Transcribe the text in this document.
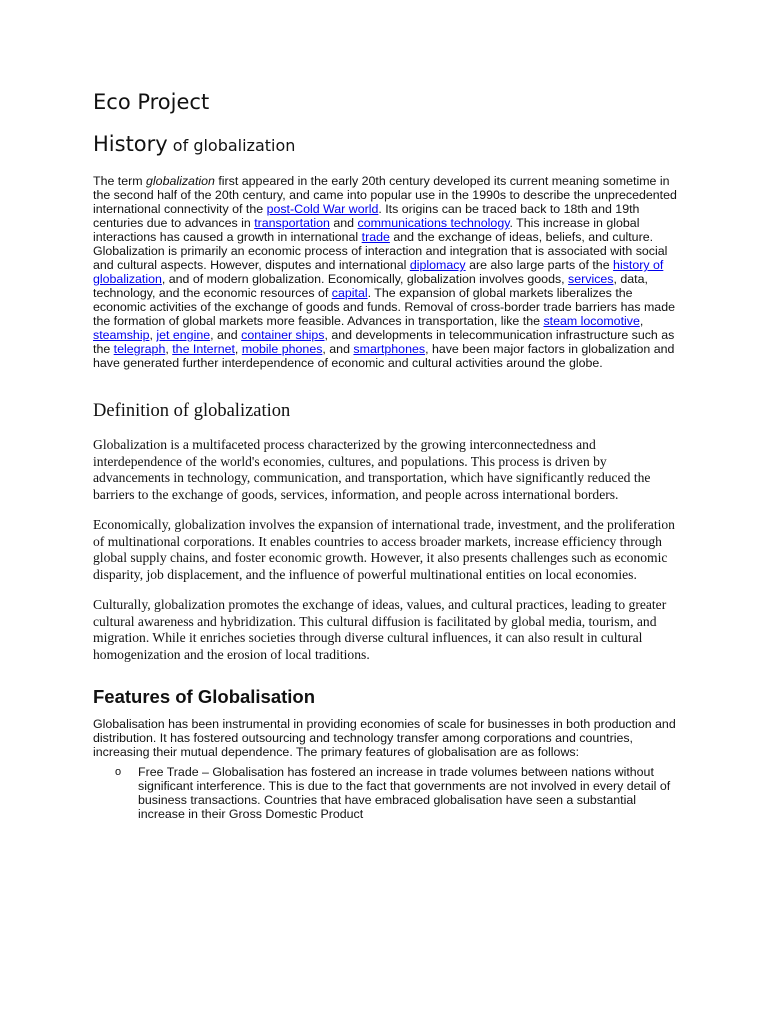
Eco Project
History of globalization

The term globalization first appeared in the early 20th century developed its current meaning sometime in the second half of the 20th century, and came into popular use in the 1990s to describe the unprecedented international connectivity of the post-Cold War world. Its origins can be traced back to 18th and 19th centuries due to advances in transportation and communications technology. This increase in global interactions has caused a growth in international trade and the exchange of ideas, beliefs, and culture. Globalization is primarily an economic process of interaction and integration that is associated with social and cultural aspects. However, disputes and international diplomacy are also large parts of the history of globalization, and of modern globalization. Economically, globalization involves goods, services, data, technology, and the economic resources of capital. The expansion of global markets liberalizes the economic activities of the exchange of goods and funds. Removal of cross-border trade barriers has made the formation of global markets more feasible. Advances in transportation, like the steam locomotive, steamship, jet engine, and container ships, and developments in telecommunication infrastructure such as the telegraph, the Internet, mobile phones, and smartphones, have been major factors in globalization and have generated further interdependence of economic and cultural activities around the globe.

Definition of globalization

Globalization is a multifaceted process characterized by the growing interconnectedness and interdependence of the world's economies, cultures, and populations. This process is driven by advancements in technology, communication, and transportation, which have significantly reduced the barriers to the exchange of goods, services, information, and people across international borders.

Economically, globalization involves the expansion of international trade, investment, and the proliferation of multinational corporations. It enables countries to access broader markets, increase efficiency through global supply chains, and foster economic growth. However, it also presents challenges such as economic disparity, job displacement, and the influence of powerful multinational entities on local economies.

Culturally, globalization promotes the exchange of ideas, values, and cultural practices, leading to greater cultural awareness and hybridization. This cultural diffusion is facilitated by global media, tourism, and migration. While it enriches societies through diverse cultural influences, it can also result in cultural homogenization and the erosion of local traditions.

Features of Globalisation

Globalisation has been instrumental in providing economies of scale for businesses in both production and distribution. It has fostered outsourcing and technology transfer among corporations and countries, increasing their mutual dependence. The primary features of globalisation are as follows:

o Free Trade – Globalisation has fostered an increase in trade volumes between nations without significant interference. This is due to the fact that governments are not involved in every detail of business transactions. Countries that have embraced globalisation have seen a substantial increase in their Gross Domestic Product
